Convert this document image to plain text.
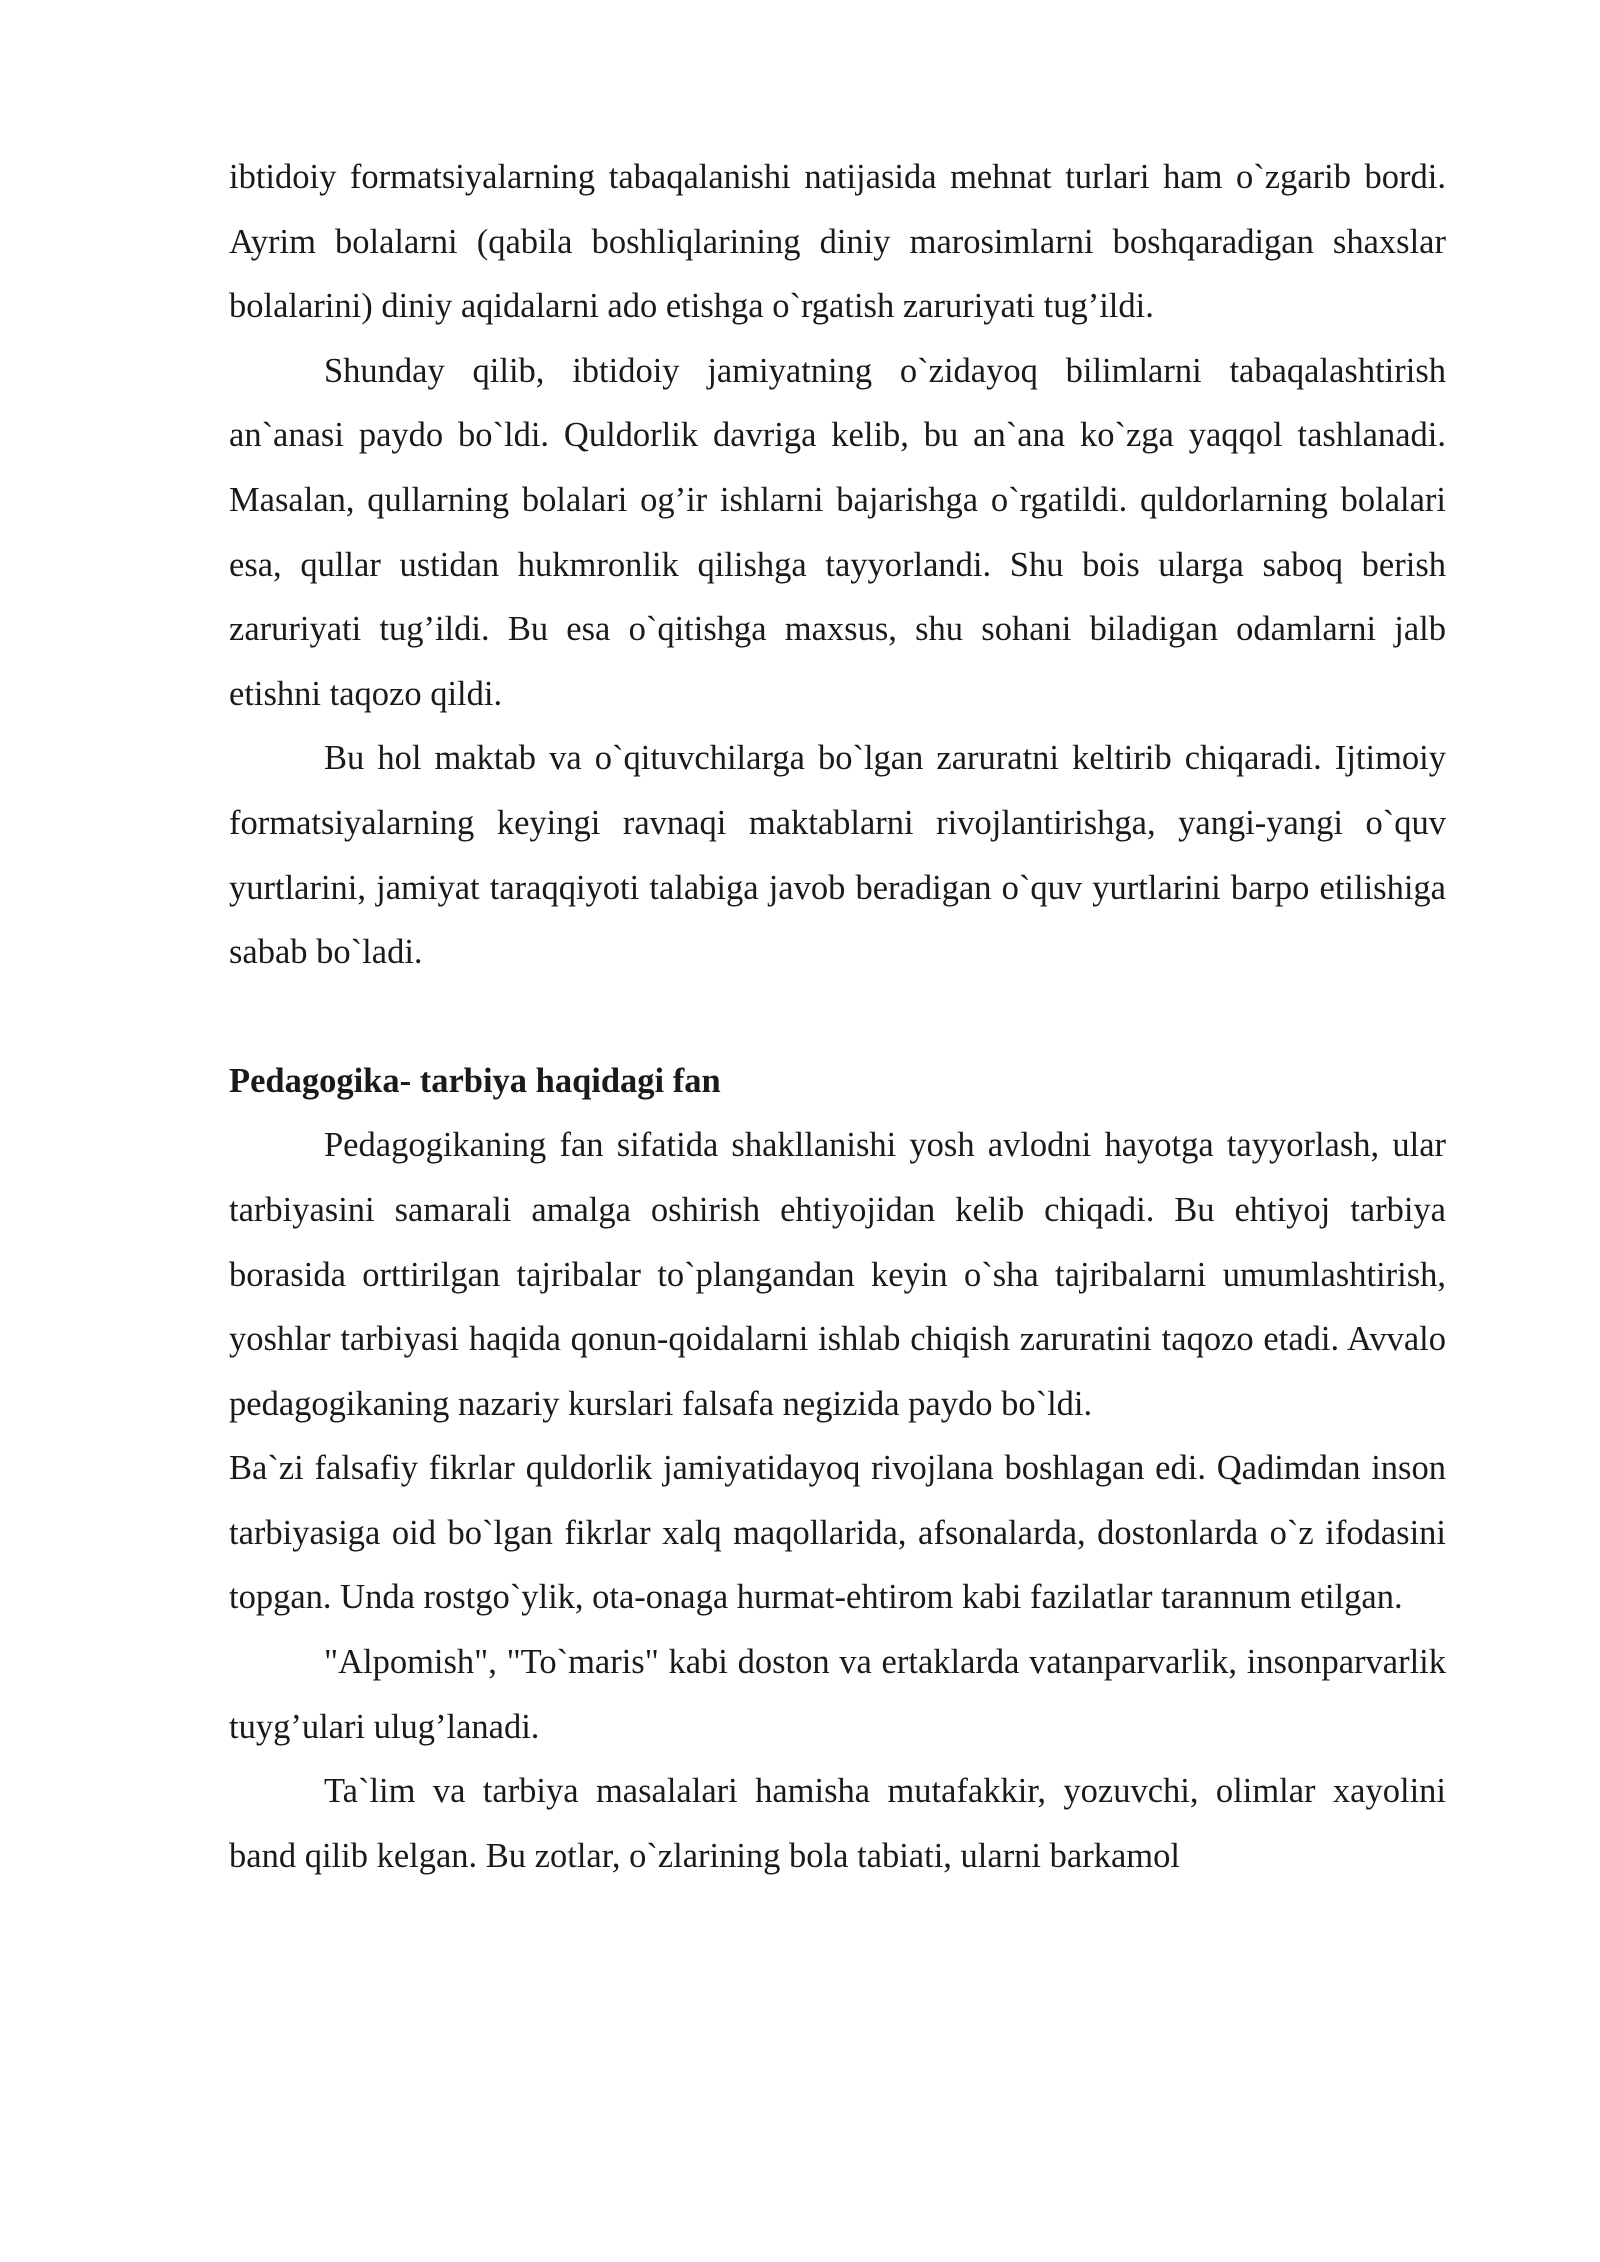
ibtidoiy formatsiyalarning tabaqalanishi natijasida mehnat turlari ham o`zgarib bordi. Ayrim bolalarni (qabila boshliqlarining diniy marosimlarni boshqaradigan shaxslar bolalarini) diniy aqidalarni ado etishga o`rgatish zaruriyati tug’ildi.

Shunday qilib, ibtidoiy jamiyatning o`zidayoq bilimlarni tabaqalashtirish an`anasi paydo bo`ldi. Quldorlik davriga kelib, bu an`ana ko`zga yaqqol tashlanadi. Masalan, qullarning bolalari og’ir ishlarni bajarishga o`rgatildi. quldorlarning bolalari esa, qullar ustidan hukmronlik qilishga tayyorlandi. Shu bois ularga saboq berish zaruriyati tug’ildi. Bu esa o`qitishga maxsus, shu sohani biladigan odamlarni jalb etishni taqozo qildi.

Bu hol maktab va o`qituvchilarga bo`lgan zaruratni keltirib chiqaradi. Ijtimoiy formatsiyalarning keyingi ravnaqi maktablarni rivojlantirishga, yangi-yangi o`quv yurtlarini, jamiyat taraqqiyoti talabiga javob beradigan o`quv yurtlarini barpo etilishiga sabab bo`ladi.

Pedagogika- tarbiya haqidagi fan

Pedagogikaning fan sifatida shakllanishi yosh avlodni hayotga tayyorlash, ular tarbiyasini samarali amalga oshirish ehtiyojidan kelib chiqadi. Bu ehtiyoj tarbiya borasida orttirilgan tajribalar to`plangandan keyin o`sha tajribalarni umumlashtirish, yoshlar tarbiyasi haqida qonun-qoidalarni ishlab chiqish zaruratini taqozo etadi. Avvalo pedagogikaning nazariy kurslari falsafa negizida paydo bo`ldi.

Ba`zi falsafiy fikrlar quldorlik jamiyatidayoq rivojlana boshlagan edi. Qadimdan inson tarbiyasiga oid bo`lgan fikrlar xalq maqollarida, afsonalarda, dostonlarda o`z ifodasini topgan. Unda rostgo`ylik, ota-onaga hurmat-ehtirom kabi fazilatlar tarannum etilgan.

"Alpomish", "To`maris" kabi doston va ertaklarda vatanparvarlik, insonparvarlik tuyg’ulari ulug’lanadi.

Ta`lim va tarbiya masalalari hamisha mutafakkir, yozuvchi, olimlar xayolini band qilib kelgan. Bu zotlar, o`zlarining bola tabiati, ularni barkamol
